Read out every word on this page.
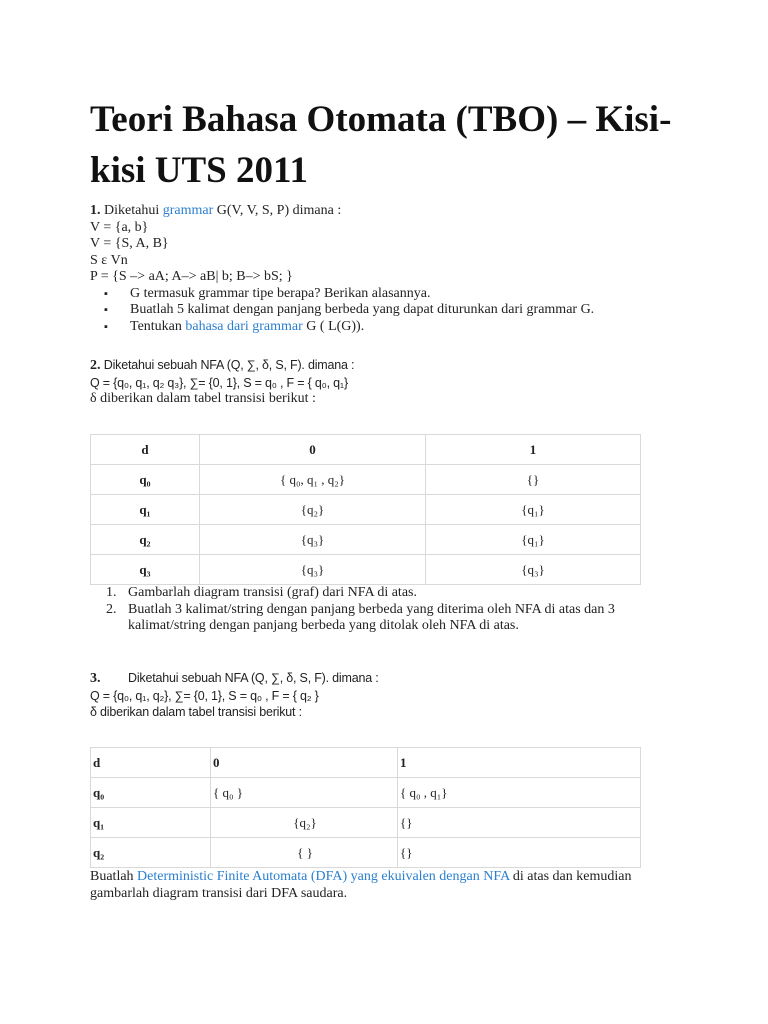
Teori Bahasa Otomata (TBO) – Kisi-kisi UTS 2011
1. Diketahui grammar G(V, V, S, P) dimana :
V = {a, b}
V = {S, A, B}
S ε Vn
P = {S –> aA; A–> aB| b; B–> bS; }
▪ G termasuk grammar tipe berapa? Berikan alasannya.
▪ Buatlah 5 kalimat dengan panjang berbeda yang dapat diturunkan dari grammar G.
▪ Tentukan bahasa dari grammar G ( L(G)).
2. Diketahui sebuah NFA (Q, ∑, δ, S, F). dimana :
Q = {q₀, q₁, q₂ q₃}, ∑= {0, 1}, S = q₀ , F = { q₀, q₁}
δ diberikan dalam tabel transisi berikut :
d	0	1
q₀	{ q₀, q₁ , q₂}	{}
q₁	{q₂}	{q₁}
q₂	{q₃}	{q₁}
q₃	{q₃}	{q₃}
1. Gambarlah diagram transisi (graf) dari NFA di atas.
2. Buatlah 3 kalimat/string dengan panjang berbeda yang diterima oleh NFA di atas dan 3 kalimat/string dengan panjang berbeda yang ditolak oleh NFA di atas.
3. Diketahui sebuah NFA (Q, ∑, δ, S, F). dimana :
Q = {q₀, q₁, q₂}, ∑= {0, 1}, S = q₀ , F = { q₂ }
δ diberikan dalam tabel transisi berikut :
d	0	1
q₀	{ q₀ }	{ q₀ , q₁}
q₁	{q₂}	{}
q₂	{ }	{}
Buatlah Deterministic Finite Automata (DFA) yang ekuivalen dengan NFA di atas dan kemudian gambarlah diagram transisi dari DFA saudara.
